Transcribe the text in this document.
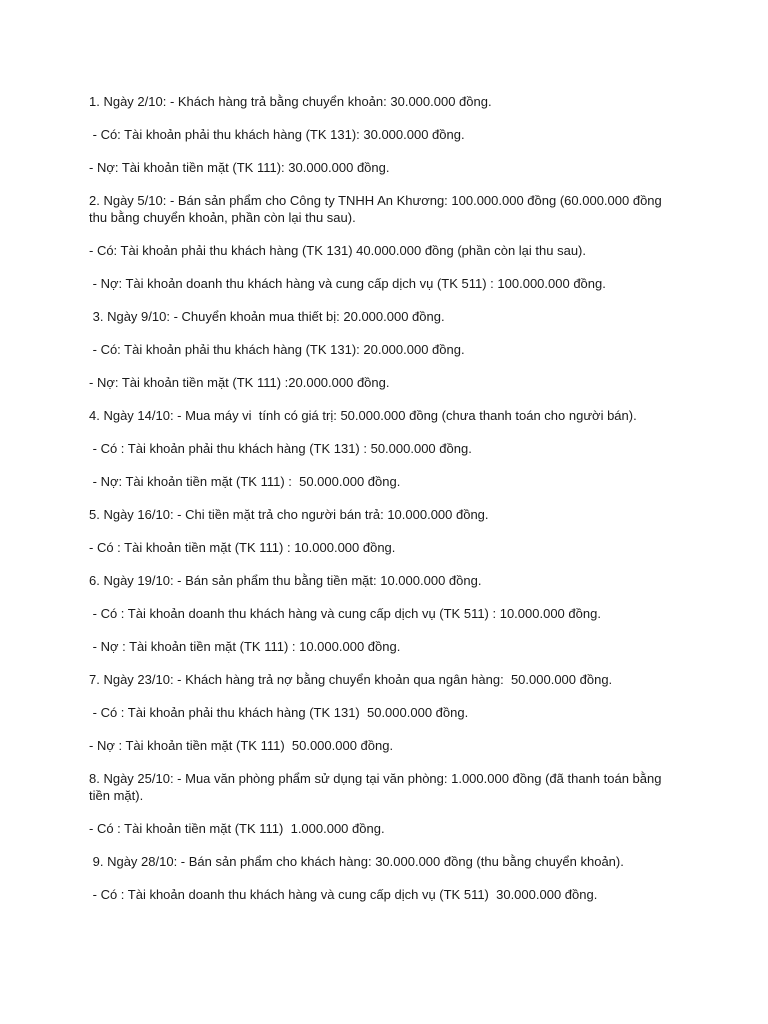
1. Ngày 2/10: - Khách hàng trả bằng chuyển khoản: 30.000.000 đồng.

- Có: Tài khoản phải thu khách hàng (TK 131): 30.000.000 đồng.

- Nợ: Tài khoản tiền mặt (TK 111): 30.000.000 đồng.

2. Ngày 5/10: - Bán sản phẩm cho Công ty TNHH An Khương: 100.000.000 đồng (60.000.000 đồng thu bằng chuyển khoản, phần còn lại thu sau).

- Có: Tài khoản phải thu khách hàng (TK 131) 40.000.000 đồng (phần còn lại thu sau).

- Nợ: Tài khoản doanh thu khách hàng và cung cấp dịch vụ (TK 511) : 100.000.000 đồng.

3. Ngày 9/10: - Chuyển khoản mua thiết bị: 20.000.000 đồng.

- Có: Tài khoản phải thu khách hàng (TK 131): 20.000.000 đồng.

- Nợ: Tài khoản tiền mặt (TK 111) :20.000.000 đồng.

4. Ngày 14/10: - Mua máy vi  tính có giá trị: 50.000.000 đồng (chưa thanh toán cho người bán).

- Có : Tài khoản phải thu khách hàng (TK 131) : 50.000.000 đồng.

- Nợ: Tài khoản tiền mặt (TK 111) :  50.000.000 đồng.

5. Ngày 16/10: - Chi tiền mặt trả cho người bán trả: 10.000.000 đồng.

- Có : Tài khoản tiền mặt (TK 111) : 10.000.000 đồng.

6. Ngày 19/10: - Bán sản phẩm thu bằng tiền mặt: 10.000.000 đồng.

- Có : Tài khoản doanh thu khách hàng và cung cấp dịch vụ (TK 511) : 10.000.000 đồng.

- Nợ : Tài khoản tiền mặt (TK 111) : 10.000.000 đồng.

7. Ngày 23/10: - Khách hàng trả nợ bằng chuyển khoản qua ngân hàng:  50.000.000 đồng.

- Có : Tài khoản phải thu khách hàng (TK 131)  50.000.000 đồng.

- Nợ : Tài khoản tiền mặt (TK 111)  50.000.000 đồng.

8. Ngày 25/10: - Mua văn phòng phẩm sử dụng tại văn phòng: 1.000.000 đồng (đã thanh toán bằng tiền mặt).

- Có : Tài khoản tiền mặt (TK 111)  1.000.000 đồng.

9. Ngày 28/10: - Bán sản phẩm cho khách hàng: 30.000.000 đồng (thu bằng chuyển khoản).

- Có : Tài khoản doanh thu khách hàng và cung cấp dịch vụ (TK 511)  30.000.000 đồng.
